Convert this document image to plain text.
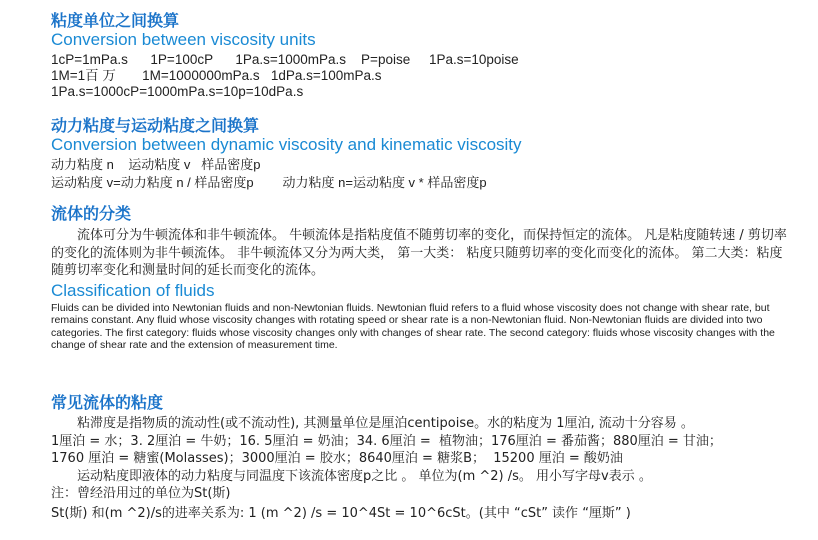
粘度单位之间换算
Conversion between viscosity units
1cP=1mPa.s      1P=100cP      1Pa.s=1000mPa.s    P=poise     1Pa.s=10poise
1M=1百 万       1M=1000000mPa.s   1dPa.s=100mPa.s
1Pa.s=1000cP=1000mPa.s=10p=10dPa.s
动力粘度与运动粘度之间换算
Conversion between dynamic viscosity and kinematic viscosity
动力粘度 n    运动粘度 v   样品密度p
运动粘度 v=动力粘度 n / 样品密度p        动力粘度 n=运动粘度 v * 样品密度p
流体的分类

流体可分为牛顿流体和非牛顿流体。 牛顿流体是指粘度值不随剪切率的变化，而保持恒定的流体。 凡是粘度随转速 / 剪切率的变化的流体则为非牛顿流体。 非牛顿流体又分为两大类， 第一大类： 粘度只随剪切率的变化而变化的流体。 第二大类：粘度随剪切率变化和测量时间的延长而变化的流体。

Classification of fluids

Fluids can be divided into Newtonian fluids and non-Newtonian fluids. Newtonian fluid refers to a fluid whose viscosity does not change with shear rate, but remains constant. Any fluid whose viscosity changes with rotating speed or shear rate is a non-Newtonian fluid. Non-Newtonian fluids are divided into two categories. The first category: fluids whose viscosity changes only with changes of shear rate. The second category: fluids whose viscosity changes with the change of shear rate and the extension of measurement time.

常见流体的粘度

粘滞度是指物质的流动性(或不流动性), 其测量单位是厘泊centipoise。水的粘度为 1厘泊, 流动十分容易 。

1厘泊 = 水；3. 2厘泊 = 牛奶；16. 5厘泊 = 奶油；34. 6厘泊 =  植物油；176厘泊 = 番茄酱；880厘泊 = 甘油；

1760 厘泊 = 糖蜜(Molasses)；3000厘泊 = 胶水；8640厘泊 = 糖浆B；  15200 厘泊 = 酸奶油

运动粘度即液体的动力粘度与同温度下该流体密度p之比 。 单位为(m ^2) /s。 用小写字母v表示 。

注：曾经沿用过的单位为St(斯)

St(斯) 和(m ^2)/s的进率关系为: 1 (m ^2) /s = 10^4St = 10^6cSt。(其中 “cSt” 读作 “厘斯” )
